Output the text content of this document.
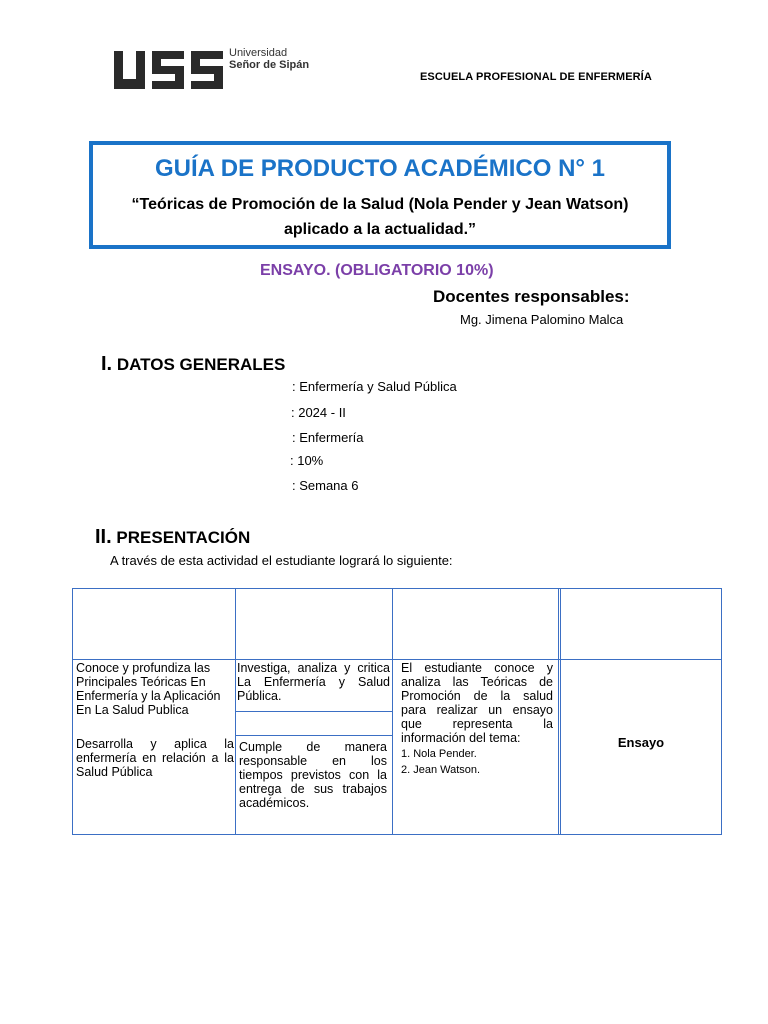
Universidad
Señor de Sipán
ESCUELA PROFESIONAL DE ENFERMERÍA
GUÍA DE PRODUCTO ACADÉMICO N° 1
“Teóricas de Promoción de la Salud (Nola Pender y Jean Watson)
aplicado a la actualidad.”
ENSAYO. (OBLIGATORIO 10%)
Docentes responsables:
Mg. Jimena Palomino Malca
I. DATOS GENERALES
: Enfermería y Salud Pública
: 2024 - II
: Enfermería
: 10%
: Semana 6
II. PRESENTACIÓN
A través de esta actividad el estudiante logrará lo siguiente:
Conoce y profundiza las Principales Teóricas En Enfermería y la Aplicación En La Salud Publica
Desarrolla y aplica la enfermería en relación a la Salud Pública
Investiga, analiza y critica La Enfermería y Salud Pública.
Cumple de manera responsable en los tiempos previstos con la entrega de sus trabajos académicos.
El estudiante conoce y analiza las Teóricas de Promoción de la salud para realizar un ensayo que representa la información del tema:
1. Nola Pender.
2. Jean Watson.
Ensayo
